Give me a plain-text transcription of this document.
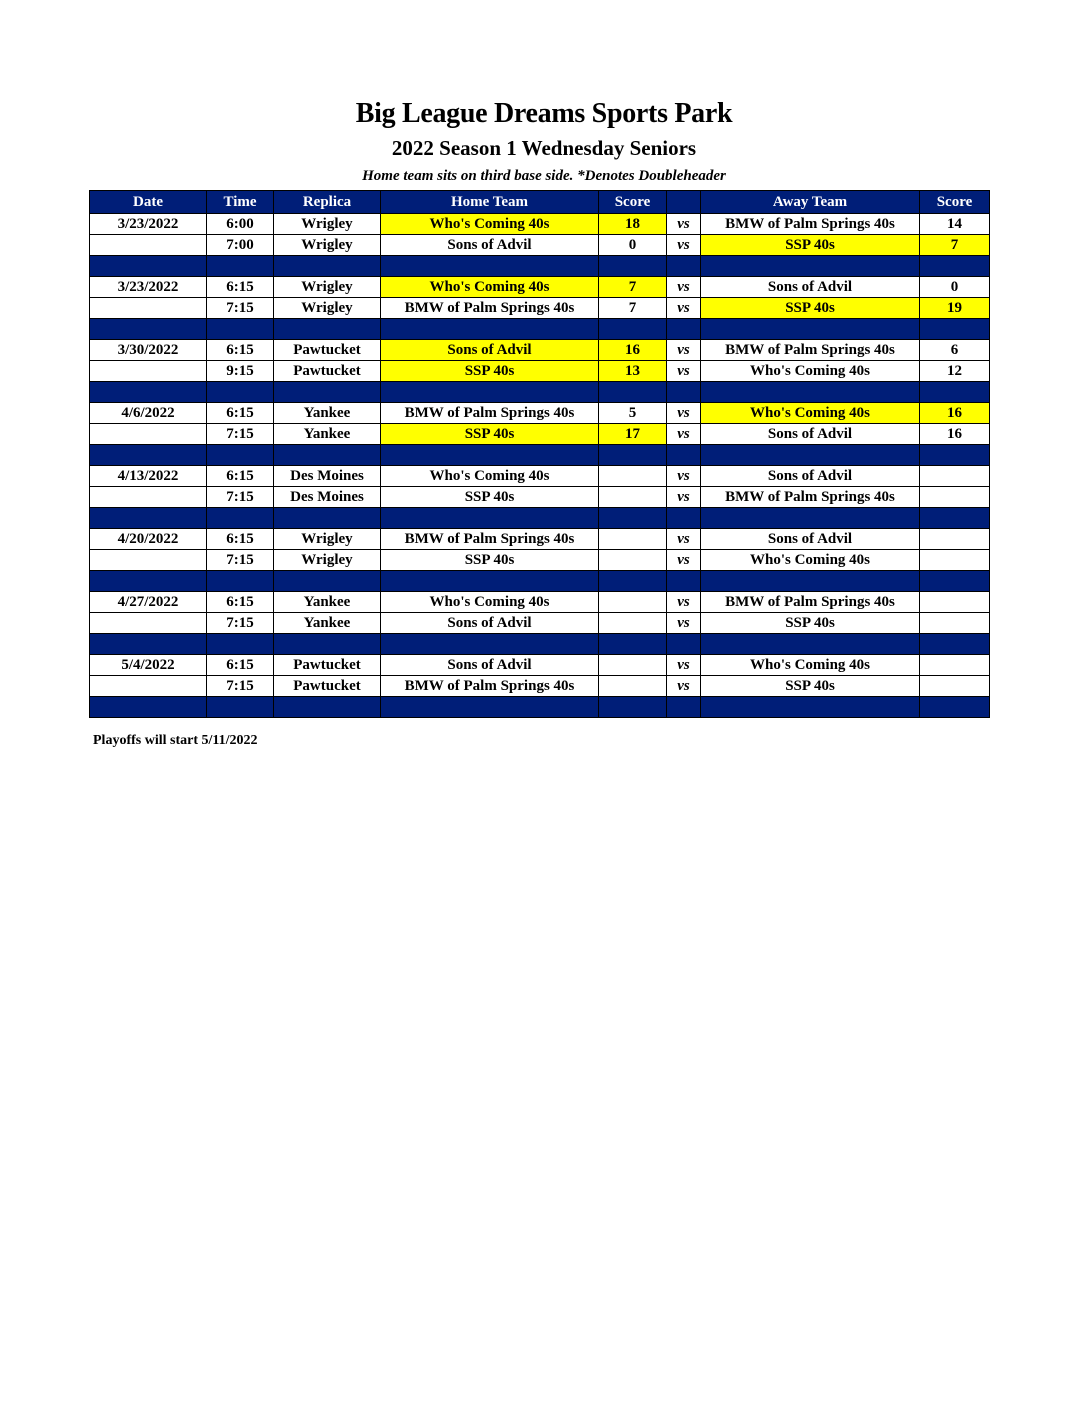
Big League Dreams Sports Park
2022 Season 1 Wednesday Seniors
Home team sits on third base side. *Denotes Doubleheader
Date	Time	Replica	Home Team	Score		Away Team	Score
3/23/2022	6:00	Wrigley	Who's Coming 40s	18	vs	BMW of Palm Springs 40s	14
	7:00	Wrigley	Sons of Advil	0	vs	SSP 40s	7

3/23/2022	6:15	Wrigley	Who's Coming 40s	7	vs	Sons of Advil	0
	7:15	Wrigley	BMW of Palm Springs 40s	7	vs	SSP 40s	19

3/30/2022	6:15	Pawtucket	Sons of Advil	16	vs	BMW of Palm Springs 40s	6
	9:15	Pawtucket	SSP 40s	13	vs	Who's Coming 40s	12

4/6/2022	6:15	Yankee	BMW of Palm Springs 40s	5	vs	Who's Coming 40s	16
	7:15	Yankee	SSP 40s	17	vs	Sons of Advil	16

4/13/2022	6:15	Des Moines	Who's Coming 40s		vs	Sons of Advil	
	7:15	Des Moines	SSP 40s		vs	BMW of Palm Springs 40s	

4/20/2022	6:15	Wrigley	BMW of Palm Springs 40s		vs	Sons of Advil	
	7:15	Wrigley	SSP 40s		vs	Who's Coming 40s	

4/27/2022	6:15	Yankee	Who's Coming 40s		vs	BMW of Palm Springs 40s	
	7:15	Yankee	Sons of Advil		vs	SSP 40s	

5/4/2022	6:15	Pawtucket	Sons of Advil		vs	Who's Coming 40s	
	7:15	Pawtucket	BMW of Palm Springs 40s		vs	SSP 40s	

Playoffs will start 5/11/2022
